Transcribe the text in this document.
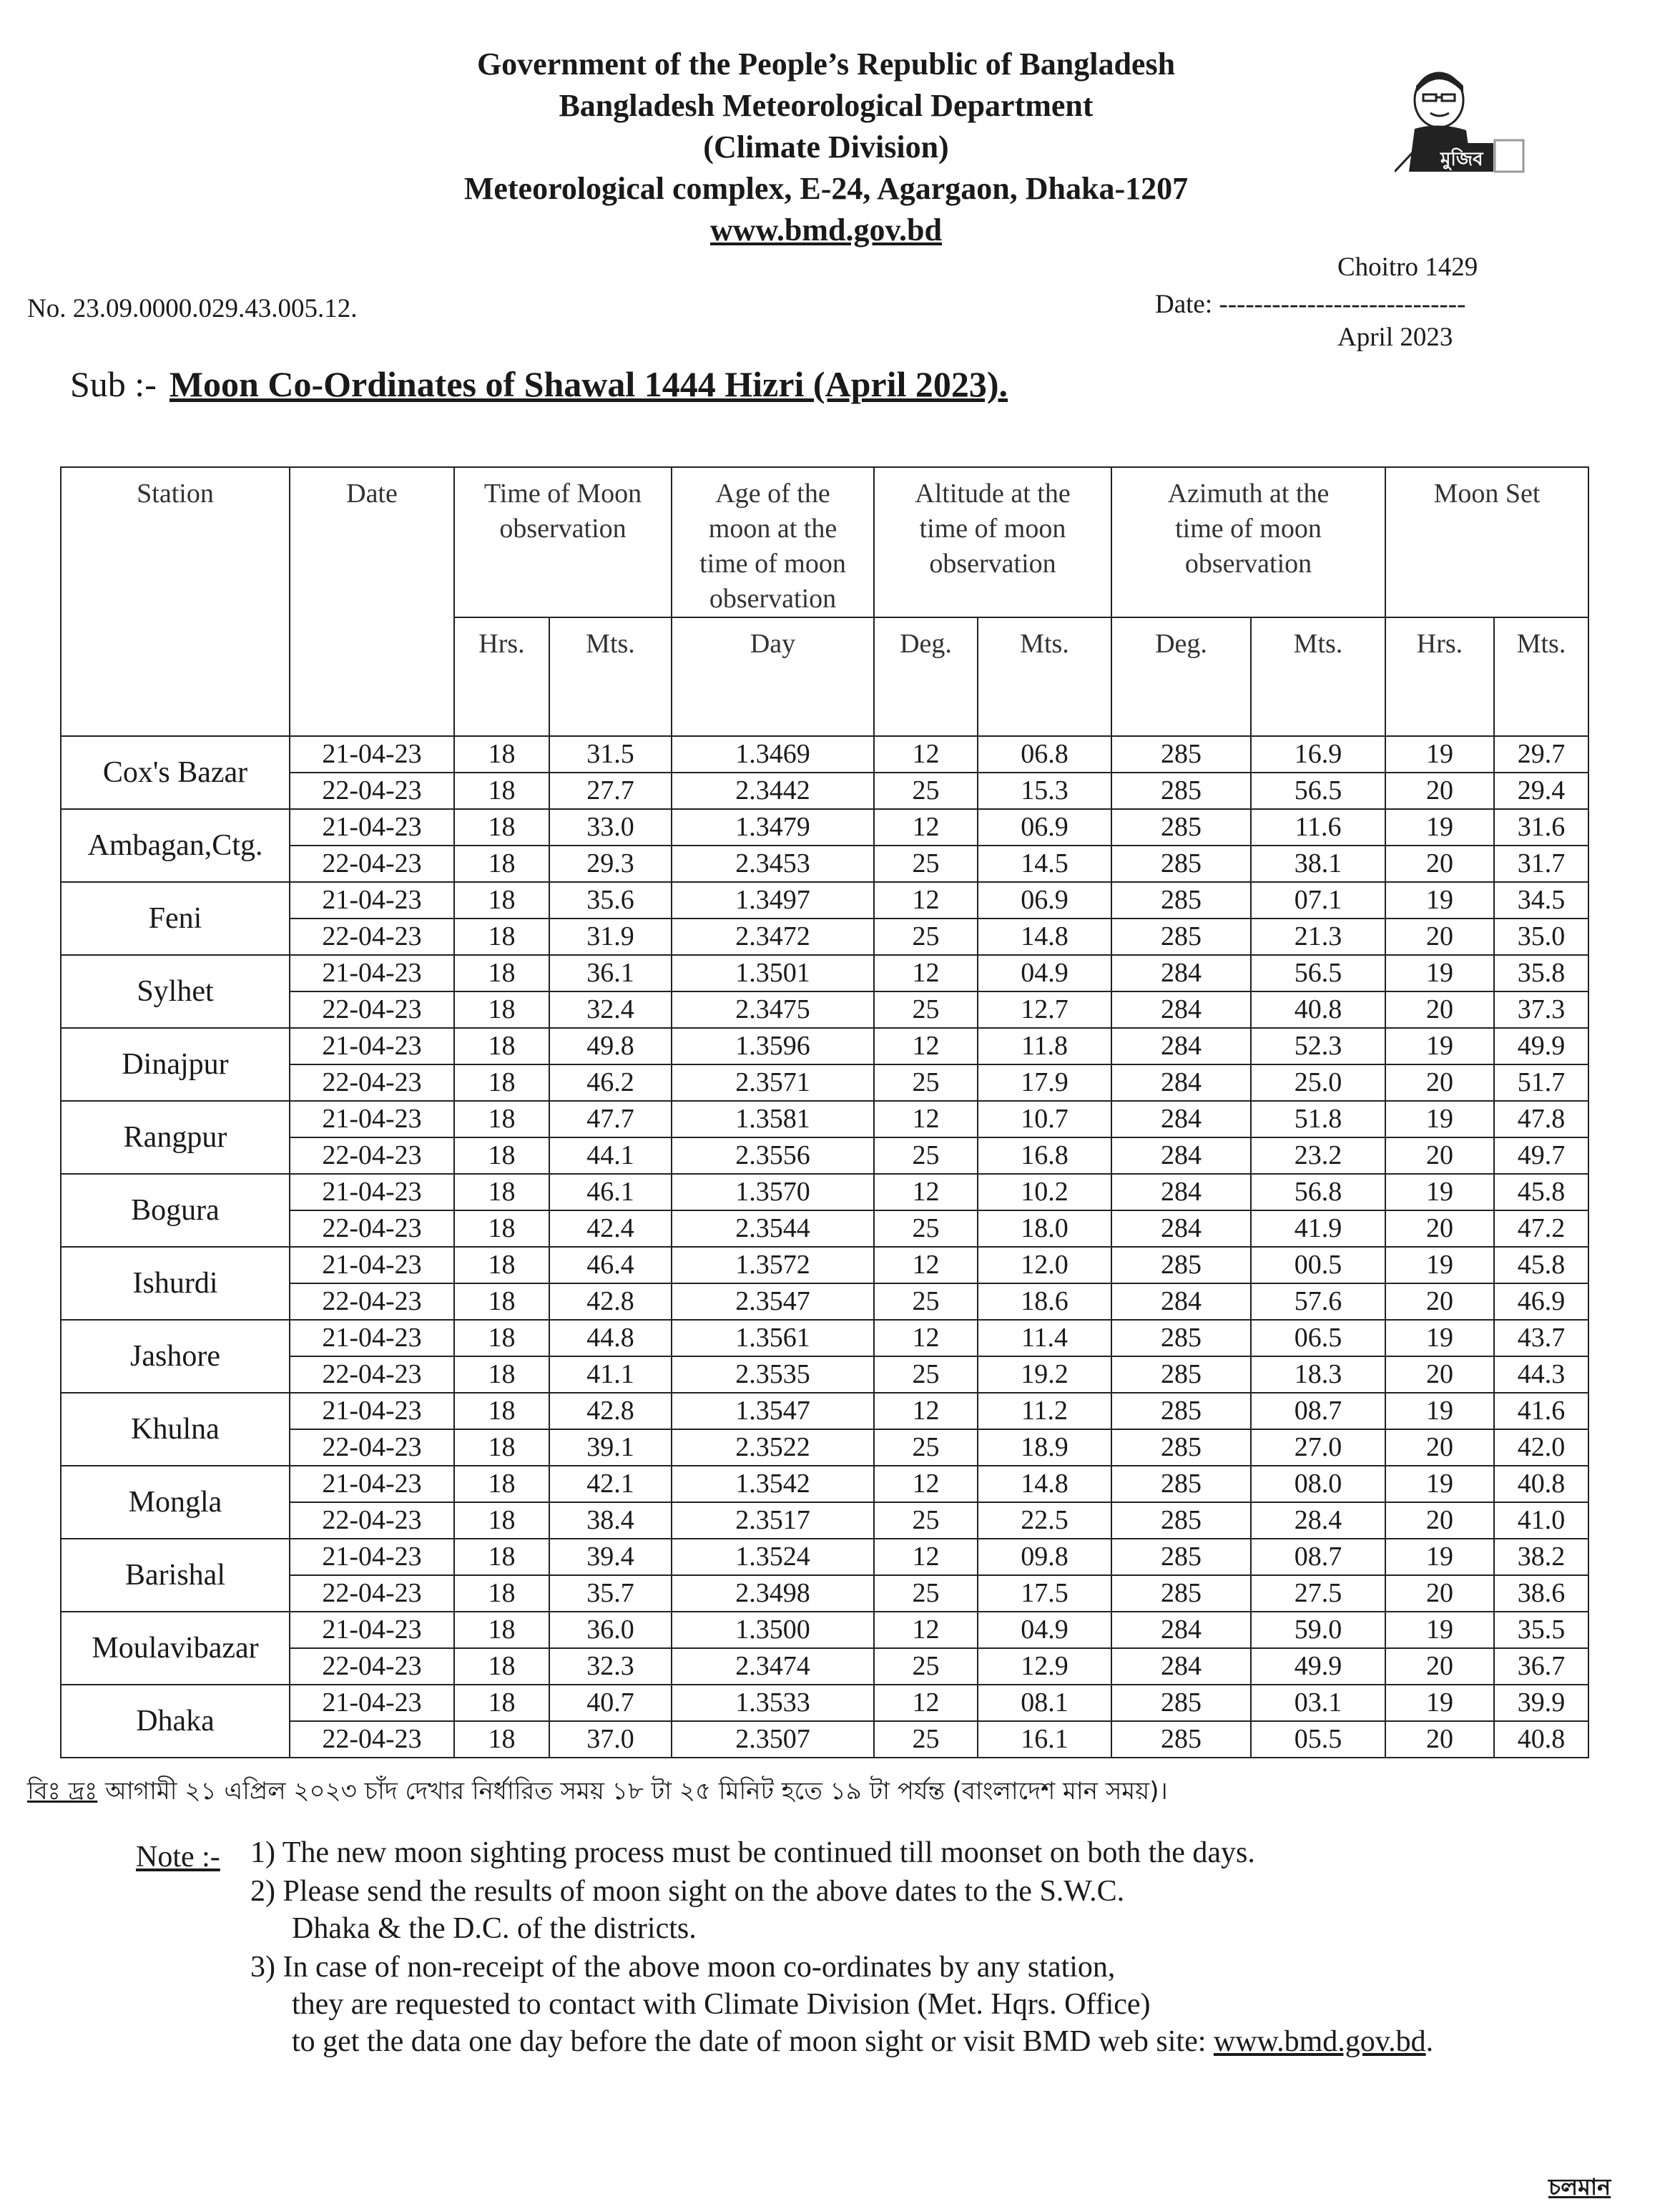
Government of the People’s Republic of Bangladesh
Bangladesh Meteorological Department
(Climate Division)
Meteorological complex, E-24, Agargaon, Dhaka-1207
www.bmd.gov.bd
মুজিব
No. 23.09.0000.029.43.005.12.
Choitro 1429
Date: ----------------------------
April 2023
Sub :- Moon Co-Ordinates of Shawal 1444 Hizri (April 2023).
Station	Date	Time of Moon observation		Age of the moon at the time of moon observation	Altitude at the time of moon observation		Azimuth at the time of moon observation		Moon Set	
		Hrs.	Mts.	Day	Deg.	Mts.	Deg.	Mts.	Hrs.	Mts.
Cox's Bazar	21-04-23	18	31.5	1.3469	12	06.8	285	16.9	19	29.7
	22-04-23	18	27.7	2.3442	25	15.3	285	56.5	20	29.4
Ambagan,Ctg.	21-04-23	18	33.0	1.3479	12	06.9	285	11.6	19	31.6
	22-04-23	18	29.3	2.3453	25	14.5	285	38.1	20	31.7
Feni	21-04-23	18	35.6	1.3497	12	06.9	285	07.1	19	34.5
	22-04-23	18	31.9	2.3472	25	14.8	285	21.3	20	35.0
Sylhet	21-04-23	18	36.1	1.3501	12	04.9	284	56.5	19	35.8
	22-04-23	18	32.4	2.3475	25	12.7	284	40.8	20	37.3
Dinajpur	21-04-23	18	49.8	1.3596	12	11.8	284	52.3	19	49.9
	22-04-23	18	46.2	2.3571	25	17.9	284	25.0	20	51.7
Rangpur	21-04-23	18	47.7	1.3581	12	10.7	284	51.8	19	47.8
	22-04-23	18	44.1	2.3556	25	16.8	284	23.2	20	49.7
Bogura	21-04-23	18	46.1	1.3570	12	10.2	284	56.8	19	45.8
	22-04-23	18	42.4	2.3544	25	18.0	284	41.9	20	47.2
Ishurdi	21-04-23	18	46.4	1.3572	12	12.0	285	00.5	19	45.8
	22-04-23	18	42.8	2.3547	25	18.6	284	57.6	20	46.9
Jashore	21-04-23	18	44.8	1.3561	12	11.4	285	06.5	19	43.7
	22-04-23	18	41.1	2.3535	25	19.2	285	18.3	20	44.3
Khulna	21-04-23	18	42.8	1.3547	12	11.2	285	08.7	19	41.6
	22-04-23	18	39.1	2.3522	25	18.9	285	27.0	20	42.0
Mongla	21-04-23	18	42.1	1.3542	12	14.8	285	08.0	19	40.8
	22-04-23	18	38.4	2.3517	25	22.5	285	28.4	20	41.0
Barishal	21-04-23	18	39.4	1.3524	12	09.8	285	08.7	19	38.2
	22-04-23	18	35.7	2.3498	25	17.5	285	27.5	20	38.6
Moulavibazar	21-04-23	18	36.0	1.3500	12	04.9	284	59.0	19	35.5
	22-04-23	18	32.3	2.3474	25	12.9	284	49.9	20	36.7
Dhaka	21-04-23	18	40.7	1.3533	12	08.1	285	03.1	19	39.9
	22-04-23	18	37.0	2.3507	25	16.1	285	05.5	20	40.8
বিঃ দ্রঃ আগামী ২১ এপ্রিল ২০২৩ চাঁদ দেখার নির্ধারিত সময় ১৮ টা ২৫ মিনিট হতে ১৯ টা পর্যন্ত (বাংলাদেশ মান সময়)।
Note :- 1) The new moon sighting process must be continued till moonset on both the days.
2) Please send the results of moon sight on the above dates to the S.W.C.
Dhaka & the D.C. of the districts.
3) In case of non-receipt of the above moon co-ordinates by any station,
they are requested to contact with Climate Division (Met. Hqrs. Office)
to get the data one day before the date of moon sight or visit BMD web site: www.bmd.gov.bd.
চলমান
